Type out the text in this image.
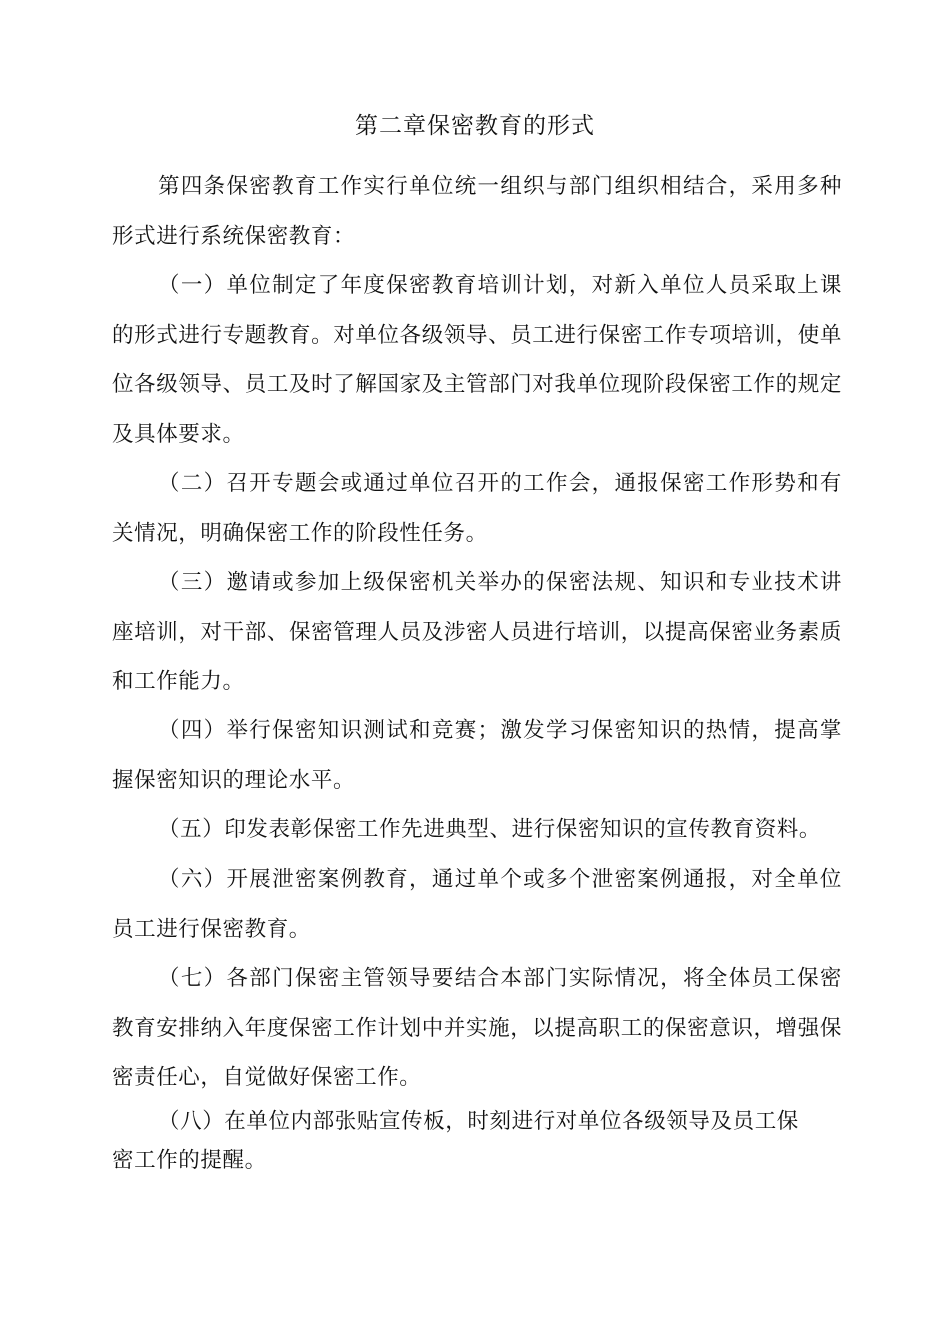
第二章保密教育的形式
第四条保密教育工作实行单位统一组织与部门组织相结合，采用多种形式进行系统保密教育：
（一）单位制定了年度保密教育培训计划，对新入单位人员采取上课的形式进行专题教育。对单位各级领导、员工进行保密工作专项培训，使单位各级领导、员工及时了解国家及主管部门对我单位现阶段保密工作的规定及具体要求。
（二）召开专题会或通过单位召开的工作会，通报保密工作形势和有关情况，明确保密工作的阶段性任务。
（三）邀请或参加上级保密机关举办的保密法规、知识和专业技术讲座培训，对干部、保密管理人员及涉密人员进行培训，以提高保密业务素质和工作能力。
（四）举行保密知识测试和竞赛；激发学习保密知识的热情，提高掌握保密知识的理论水平。
（五）印发表彰保密工作先进典型、进行保密知识的宣传教育资料。
（六）开展泄密案例教育，通过单个或多个泄密案例通报，对全单位员工进行保密教育。
（七）各部门保密主管领导要结合本部门实际情况，将全体员工保密教育安排纳入年度保密工作计划中并实施，以提高职工的保密意识，增强保密责任心，自觉做好保密工作。
（八）在单位内部张贴宣传板，时刻进行对单位各级领导及员工保密工作的提醒。
